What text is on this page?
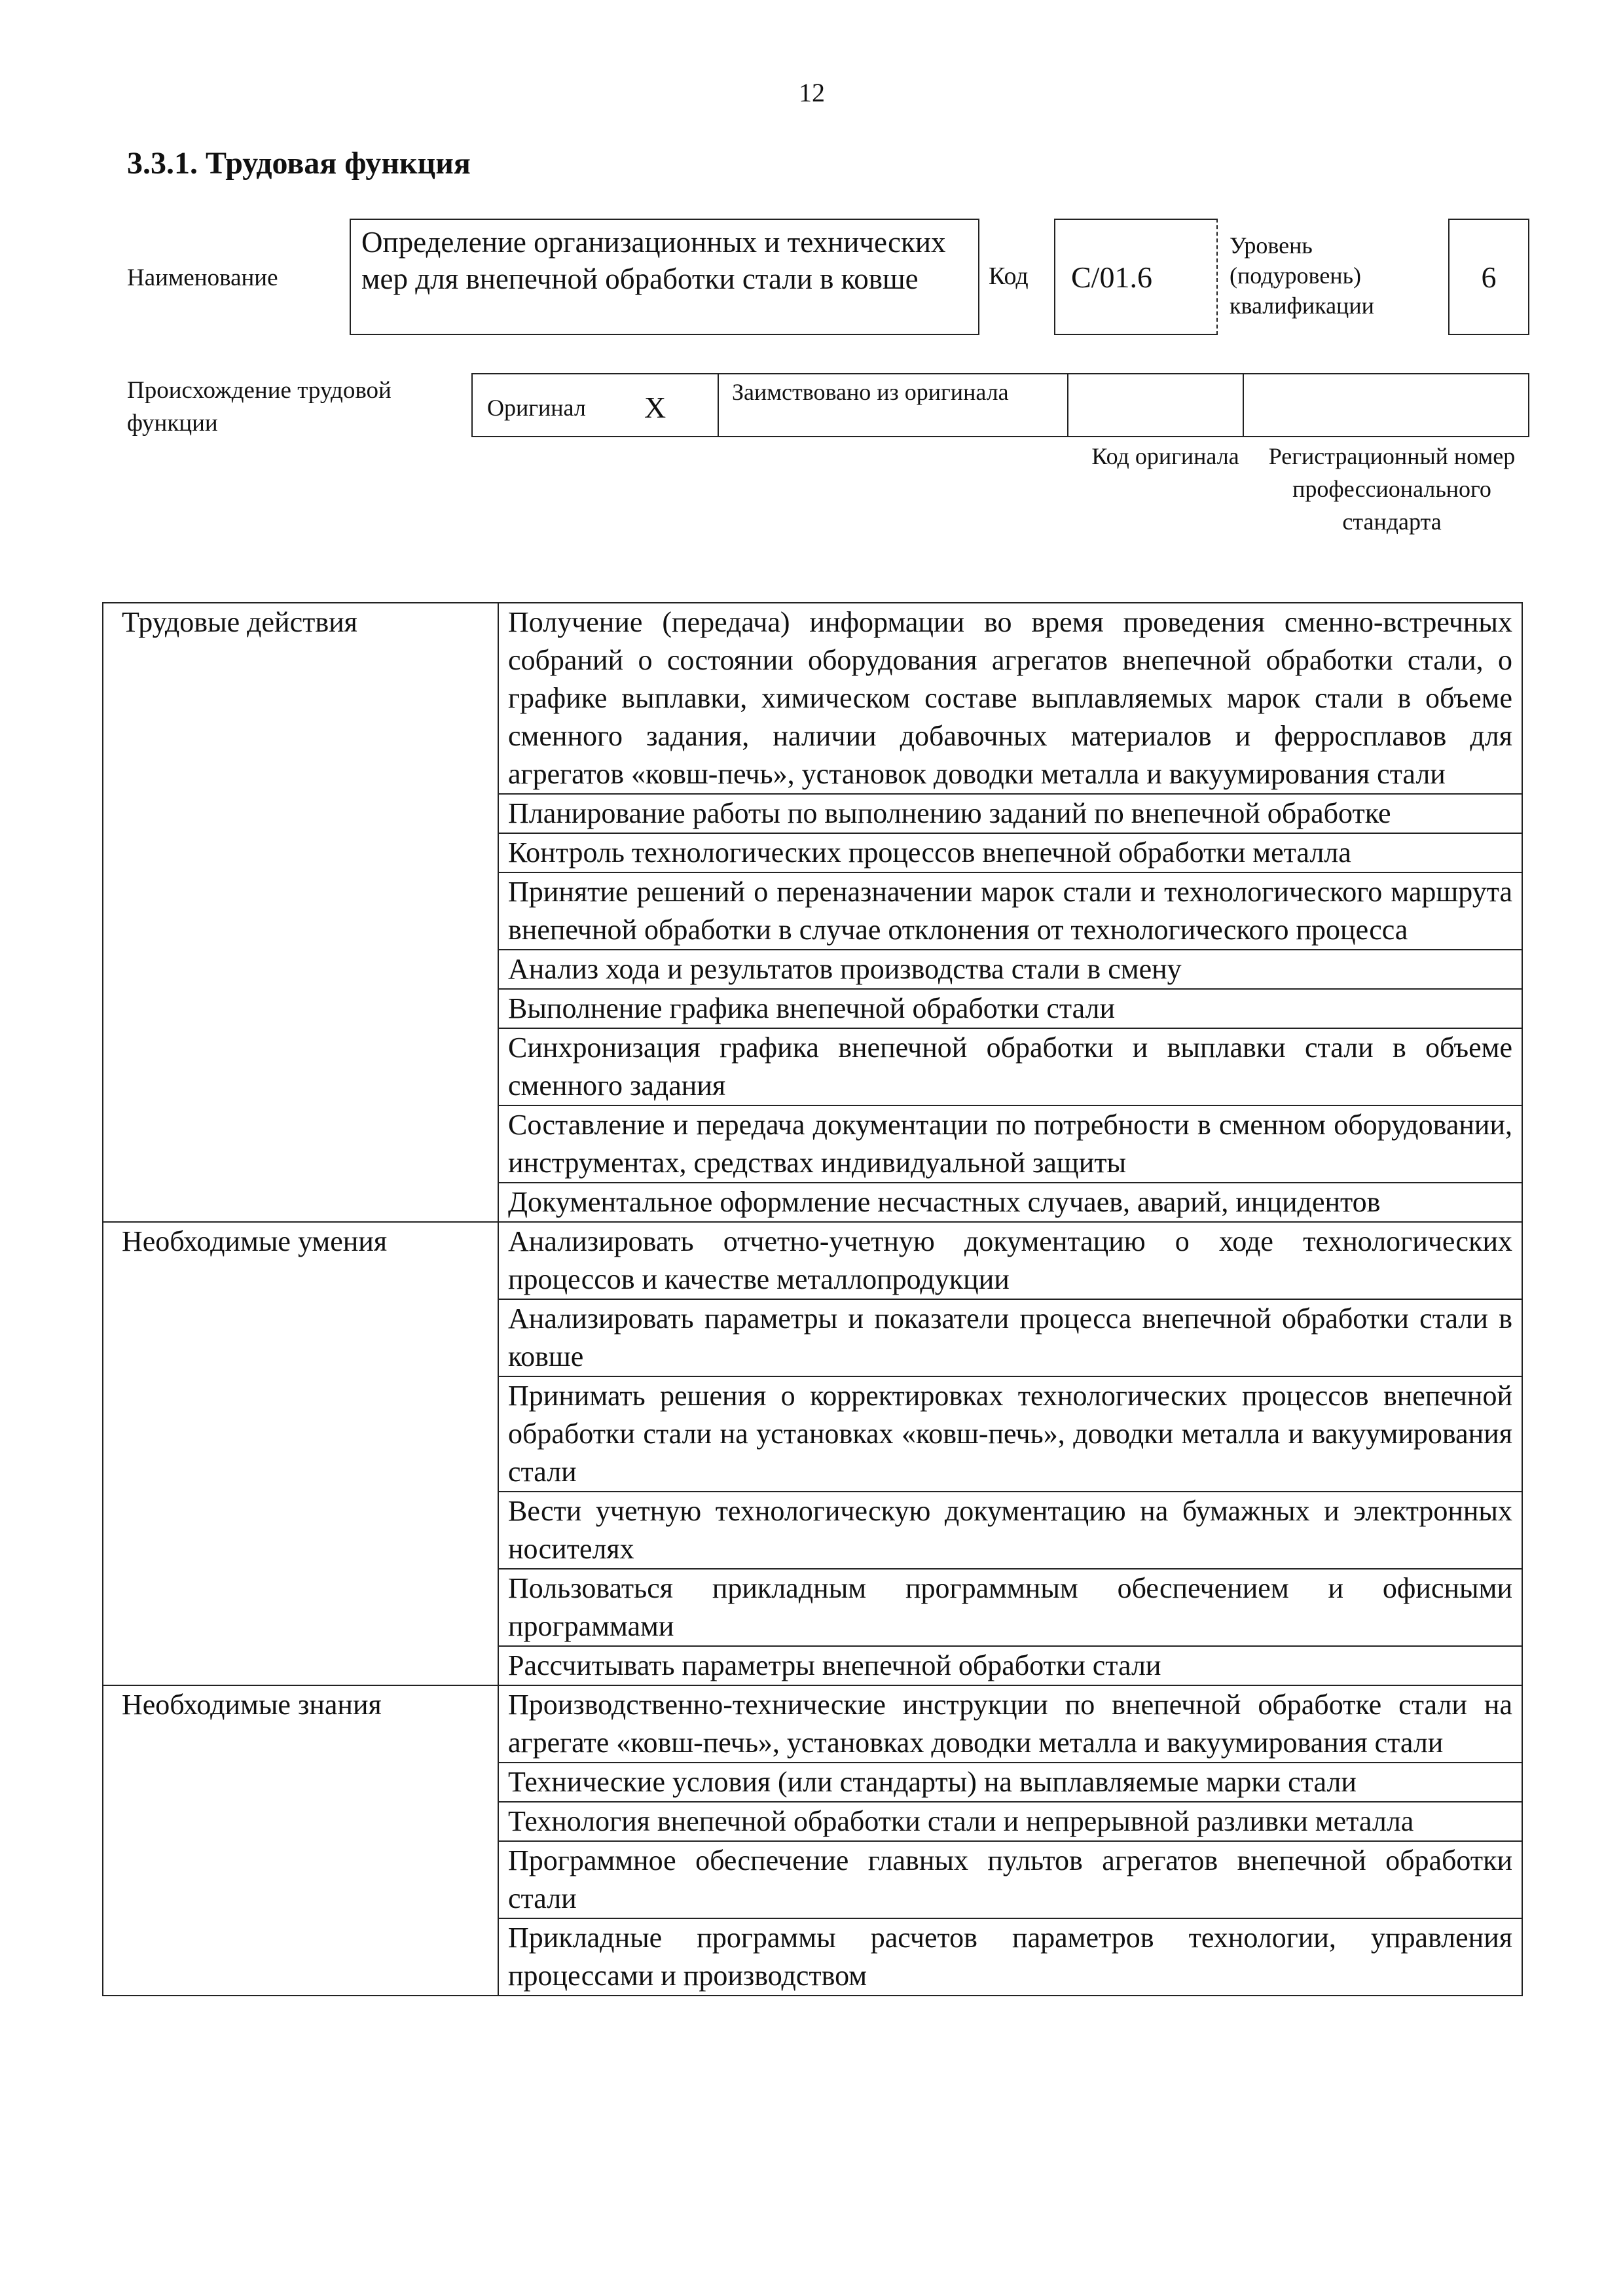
12
3.3.1. Трудовая функция
Наименование
Определение организационных и технических мер для внепечной обработки стали в ковше	Код	C/01.6
Уровень (подуровень) квалификации
6
Происхождение трудовой функции
Оригинал X	Заимствовано из оригинала
Код оригинала	Регистрационный номер профессионального стандарта
Трудовые действия	Получение (передача) информации во время проведения сменно-встречных собраний о состоянии оборудования агрегатов внепечной обработки стали, о графике выплавки, химическом составе выплавляемых марок стали в объеме сменного задания, наличии добавочных материалов и ферросплавов для агрегатов «ковш-печь», установок доводки металла и вакуумирования стали
	Планирование работы по выполнению заданий по внепечной обработке
	Контроль технологических процессов внепечной обработки металла
	Принятие решений о переназначении марок стали и технологического маршрута внепечной обработки в случае отклонения от технологического процесса
	Анализ хода и результатов производства стали в смену
	Выполнение графика внепечной обработки стали
	Синхронизация графика внепечной обработки и выплавки стали в объеме сменного задания
	Составление и передача документации по потребности в сменном оборудовании, инструментах, средствах индивидуальной защиты
	Документальное оформление несчастных случаев, аварий, инцидентов
Необходимые умения	Анализировать отчетно-учетную документацию о ходе технологических процессов и качестве металлопродукции
	Анализировать параметры и показатели процесса внепечной обработки стали в ковше
	Принимать решения о корректировках технологических процессов внепечной обработки стали на установках «ковш-печь», доводки металла и вакуумирования стали
	Вести учетную технологическую документацию на бумажных и электронных носителях
	Пользоваться прикладным программным обеспечением и офисными программами
	Рассчитывать параметры внепечной обработки стали
Необходимые знания	Производственно-технические инструкции по внепечной обработке стали на агрегате «ковш-печь», установках доводки металла и вакуумирования стали
	Технические условия (или стандарты) на выплавляемые марки стали
	Технология внепечной обработки стали и непрерывной разливки металла
	Программное обеспечение главных пультов агрегатов внепечной обработки стали
	Прикладные программы расчетов параметров технологии, управления процессами и производством
